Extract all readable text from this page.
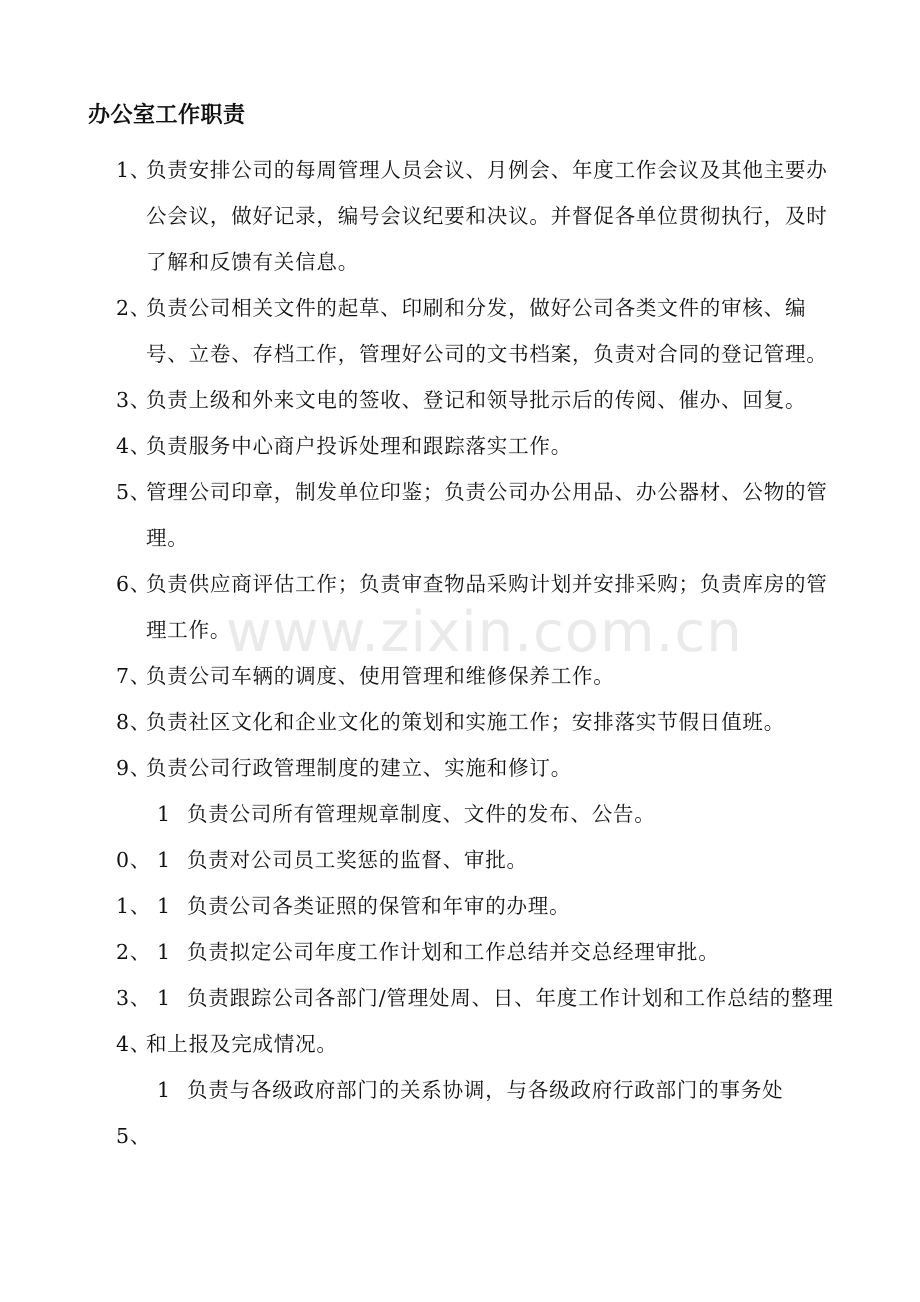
办公室工作职责
1、
负责安排公司的每周管理人员会议、月例会、年度工作会议及其他主要办公会议，做好记录，编号会议纪要和决议。并督促各单位贯彻执行，及时了解和反馈有关信息。
2、
负责公司相关文件的起草、印刷和分发，做好公司各类文件的审核、编号、立卷、存档工作，管理好公司的文书档案，负责对合同的登记管理。
3、
负责上级和外来文电的签收、登记和领导批示后的传阅、催办、回复。
4、
负责服务中心商户投诉处理和跟踪落实工作。
5、
管理公司印章，制发单位印鉴；负责公司办公用品、办公器材、公物的管理。
6、
负责供应商评估工作；负责审查物品采购计划并安排采购；负责库房的管理工作。
7、
负责公司车辆的调度、使用管理和维修保养工作。
8、
负责社区文化和企业文化的策划和实施工作；安排落实节假日值班。
9、
负责公司行政管理制度的建立、实施和修订。
10、
负责公司所有管理规章制度、文件的发布、公告。
11、
负责对公司员工奖惩的监督、审批。
12、
负责公司各类证照的保管和年审的办理。
13、
负责拟定公司年度工作计划和工作总结并交总经理审批。
14、
负责跟踪公司各部门/管理处周、日、年度工作计划和工作总结的整理和上报及完成情况。
15、
负责与各级政府部门的关系协调，与各级政府行政部门的事务处
www.zixin.com.cn
